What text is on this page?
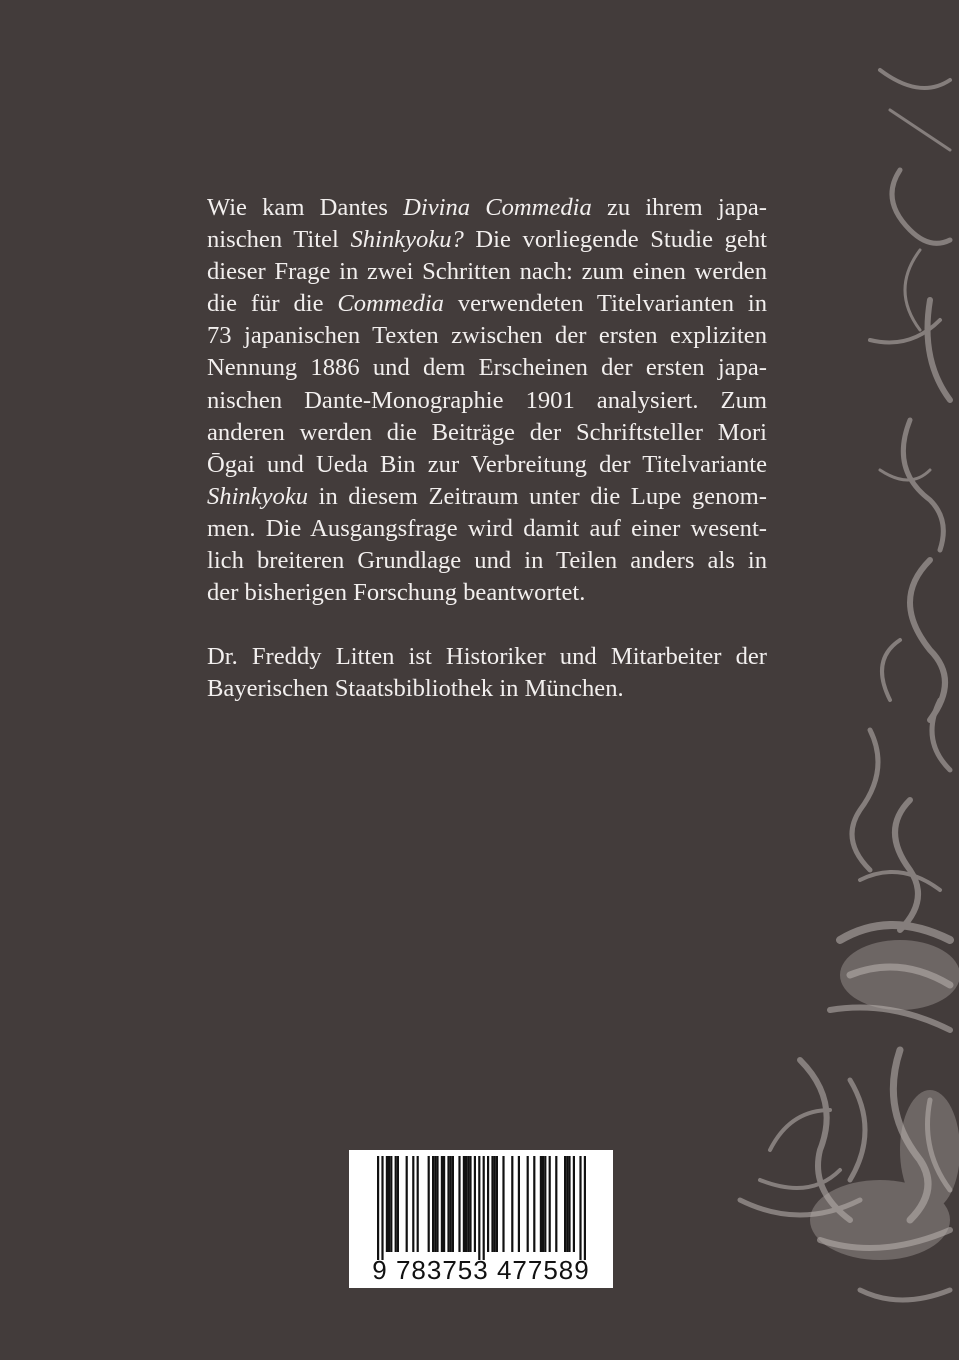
Wie kam Dantes Divina Commedia zu ihrem japa-

nischen Titel Shinkyoku? Die vorliegende Studie geht

dieser Frage in zwei Schritten nach: zum einen werden

die für die Commedia verwendeten Titelvarianten in

73 japanischen Texten zwischen der ersten expliziten

Nennung 1886 und dem Erscheinen der ersten japa-

nischen Dante-Monographie 1901 analysiert. Zum

anderen werden die Beiträge der Schriftsteller Mori

Ōgai und Ueda Bin zur Verbreitung der Titelvariante

Shinkyoku in diesem Zeitraum unter die Lupe genom-

men. Die Ausgangsfrage wird damit auf einer wesent-

lich breiteren Grundlage und in Teilen anders als in

der bisherigen Forschung beantwortet.

Dr. Freddy Litten ist Historiker und Mitarbeiter der

Bayerischen Staatsbibliothek in München.

9 783753 477589
